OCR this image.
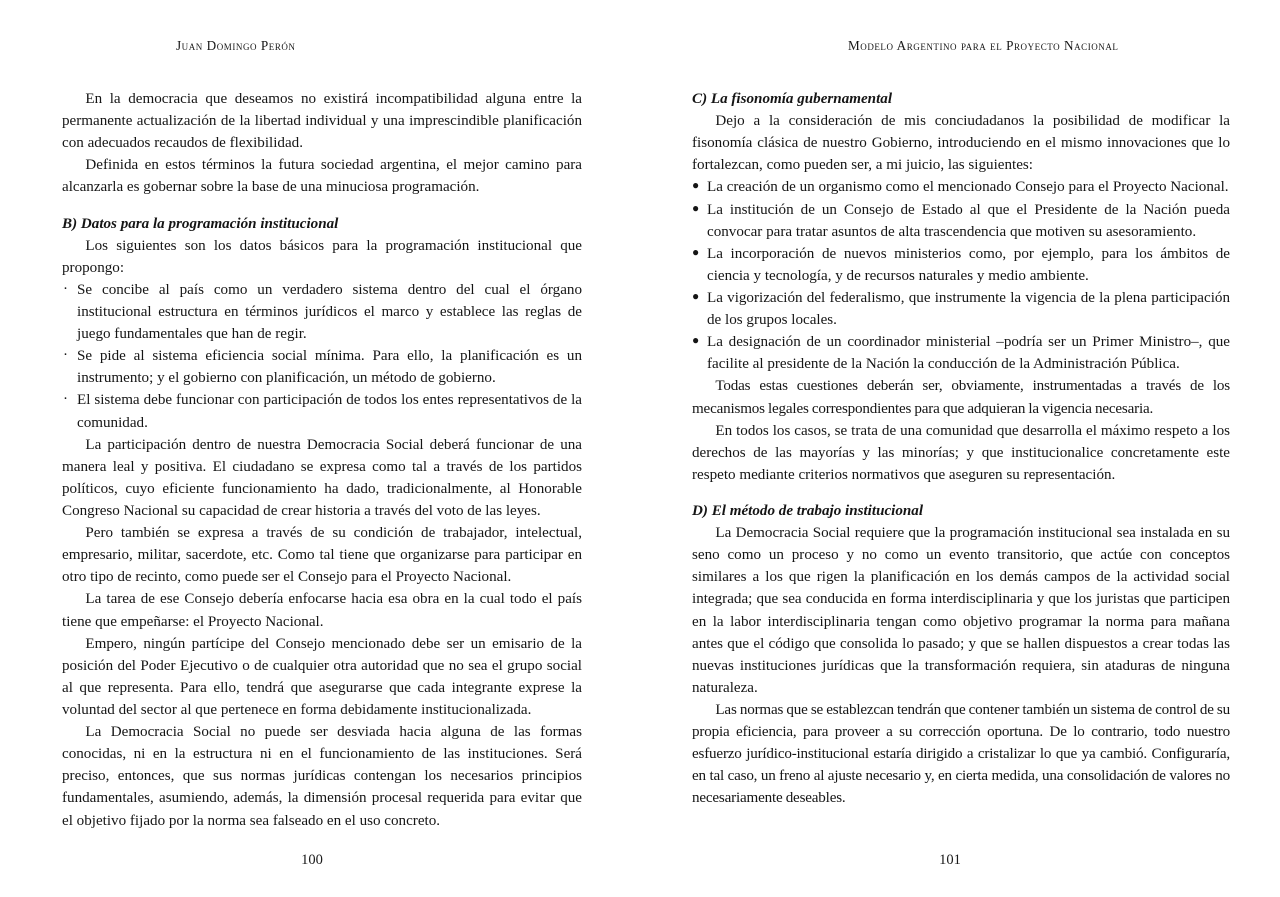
Juan Domingo Perón

En la democracia que deseamos no existirá incompatibilidad alguna entre la permanente actualización de la libertad individual y una imprescindible planificación con adecuados recaudos de flexibilidad.

Definida en estos términos la futura sociedad argentina, el mejor camino para alcanzarla es gobernar sobre la base de una minuciosa programación.

B) Datos para la programación institucional

Los siguientes son los datos básicos para la programación institucional que propongo:

· Se concibe al país como un verdadero sistema dentro del cual el órgano institucional estructura en términos jurídicos el marco y establece las reglas de juego fundamentales que han de regir.
· Se pide al sistema eficiencia social mínima. Para ello, la planificación es un instrumento; y el gobierno con planificación, un método de gobierno.
· El sistema debe funcionar con participación de todos los entes representativos de la comunidad.

La participación dentro de nuestra Democracia Social deberá funcionar de una manera leal y positiva. El ciudadano se expresa como tal a través de los partidos políticos, cuyo eficiente funcionamiento ha dado, tradicionalmente, al Honorable Congreso Nacional su capacidad de crear historia a través del voto de las leyes.

Pero también se expresa a través de su condición de trabajador, intelectual, empresario, militar, sacerdote, etc. Como tal tiene que organizarse para participar en otro tipo de recinto, como puede ser el Consejo para el Proyecto Nacional.

La tarea de ese Consejo debería enfocarse hacia esa obra en la cual todo el país tiene que empeñarse: el Proyecto Nacional.

Empero, ningún partícipe del Consejo mencionado debe ser un emisario de la posición del Poder Ejecutivo o de cualquier otra autoridad que no sea el grupo social al que representa. Para ello, tendrá que asegurarse que cada integrante exprese la voluntad del sector al que pertenece en forma debidamente institucionalizada.

La Democracia Social no puede ser desviada hacia alguna de las formas conocidas, ni en la estructura ni en el funcionamiento de las instituciones. Será preciso, entonces, que sus normas jurídicas contengan los necesarios principios fundamentales, asumiendo, además, la dimensión procesal requerida para evitar que el objetivo fijado por la norma sea falseado en el uso concreto.

100
Modelo Argentino para el Proyecto Nacional
C) La fisonomía gubernamental

Dejo a la consideración de mis conciudadanos la posibilidad de modificar la fisonomía clásica de nuestro Gobierno, introduciendo en el mismo innovaciones que lo fortalezcan, como pueden ser, a mi juicio, las siguientes:

● La creación de un organismo como el mencionado Consejo para el Proyecto Nacional.
● La institución de un Consejo de Estado al que el Presidente de la Nación pueda convocar para tratar asuntos de alta trascendencia que motiven su asesoramiento.
● La incorporación de nuevos ministerios como, por ejemplo, para los ámbitos de ciencia y tecnología, y de recursos naturales y medio ambiente.
● La vigorización del federalismo, que instrumente la vigencia de la plena participación de los grupos locales.
● La designación de un coordinador ministerial –podría ser un Primer Ministro–, que facilite al presidente de la Nación la conducción de la Administración Pública.

Todas estas cuestiones deberán ser, obviamente, instrumentadas a través de los mecanismos legales correspondientes para que adquieran la vigencia necesaria.

En todos los casos, se trata de una comunidad que desarrolla el máximo respeto a los derechos de las mayorías y las minorías; y que institucionalice concretamente este respeto mediante criterios normativos que aseguren su representación.

D) El método de trabajo institucional

La Democracia Social requiere que la programación institucional sea instalada en su seno como un proceso y no como un evento transitorio, que actúe con conceptos similares a los que rigen la planificación en los demás campos de la actividad social integrada; que sea conducida en forma interdisciplinaria y que los juristas que participen en la labor interdisciplinaria tengan como objetivo programar la norma para mañana antes que el código que consolida lo pasado; y que se hallen dispuestos a crear todas las nuevas instituciones jurídicas que la transformación requiera, sin ataduras de ninguna naturaleza.

Las normas que se establezcan tendrán que contener también un sistema de control de su propia eficiencia, para proveer a su corrección oportuna. De lo contrario, todo nuestro esfuerzo jurídico-institucional estaría dirigido a cristalizar lo que ya cambió. Configuraría, en tal caso, un freno al ajuste necesario y, en cierta medida, una consolidación de valores no necesariamente deseables.

101
